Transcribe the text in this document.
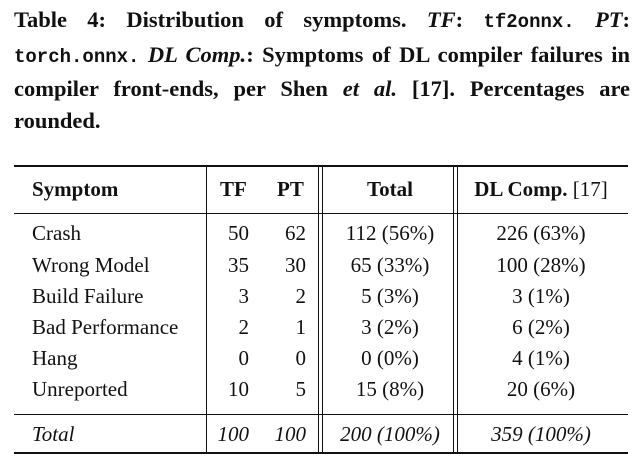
Table 4: Distribution of symptoms. TF: tf2onnx. PT: torch.onnx. DL Comp.: Symptoms of DL compiler failures in compiler front-ends, per Shen et al. [17]. Percentages are rounded.
Symptom	TF PT	Total	DL Comp. [17]
Crash	50 62	112 (56%)	226 (63%)
Wrong Model	35 30	65 (33%)	100 (28%)
Build Failure	3 2	5 (3%)	3 (1%)
Bad Performance	2 1	3 (2%)	6 (2%)
Hang	0 0	0 (0%)	4 (1%)
Unreported	10 5	15 (8%)	20 (6%)
Total	100 100	200 (100%)	359 (100%)
